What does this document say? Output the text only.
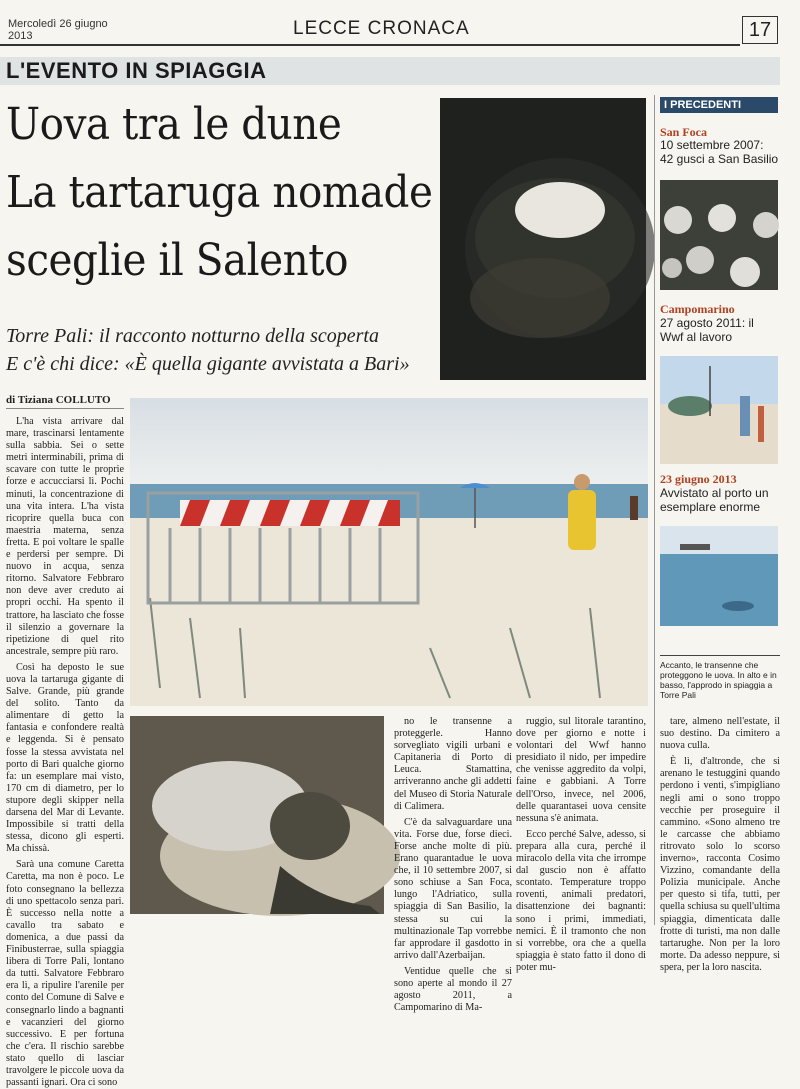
Mercoledì 26 giugno
2013	LECCE CRONACA	17
L'EVENTO IN SPIAGGIA
Uova tra le dune
La tartaruga nomade
sceglie il Salento
Torre Pali: il racconto notturno della scoperta
E c'è chi dice: «È quella gigante avvistata a Bari»
di Tiziana COLLUTO
L'ha vista arrivare dal mare, trascinarsi lentamente sulla sabbia. Sei o sette metri interminabili, prima di scavare con tutte le proprie forze e accucciarsi lì. Pochi minuti, la concentrazione di una vita intera. L'ha vista ricoprire quella buca con maestria materna, senza fretta. E poi voltare le spalle e perdersi per sempre. Di nuovo in acqua, senza ritorno. Salvatore Febbraro non deve aver creduto ai propri occhi. Ha spento il trattore, ha lasciato che fosse il silenzio a governare la ripetizione di quel rito ancestrale, sempre più raro.
Così ha deposto le sue uova la tartaruga gigante di Salve. Grande, più grande del solito. Tanto da alimentare di getto la fantasia e confondere realtà e leggenda. Si è pensato fosse la stessa avvistata nel porto di Bari qualche giorno fa: un esemplare mai visto, 170 cm di diametro, per lo stupore degli skipper nella darsena del Mar di Levante. Impossibile si tratti della stessa, dicono gli esperti. Ma chissà.
Sarà una comune Caretta Caretta, ma non è poco. Le foto consegnano la bellezza di uno spettacolo senza pari. È successo nella notte a cavallo tra sabato e domenica, a due passi da Finibusterrae, sulla spiaggia libera di Torre Pali, lontano da tutti. Salvatore Febbraro era lì, a ripulire l'arenile per conto del Comune di Salve e consegnarlo lindo a bagnanti e vacanzieri del giorno successivo. E per fortuna che c'era. Il rischio sarebbe stato quello di lasciar travolgere le piccole uova da passanti ignari. Ora ci sono
no le transenne a proteggerle. Hanno sorvegliato vigili urbani e Capitaneria di Porto di Leuca. Stamattina, arriveranno anche gli addetti del Museo di Storia Naturale di Calimera.
C'è da salvaguardare una vita. Forse due, forse dieci. Forse anche molte di più. Erano quarantadue le uova che, il 10 settembre 2007, si sono schiuse a San Foca, lungo l'Adriatico, sulla spiaggia di San Basilio, la stessa su cui la multinazionale Tap vorrebbe far approdare il gasdotto in arrivo dall'Azerbaijan.
Ventidue quelle che si sono aperte al mondo il 27 agosto 2011, a Campomarino di Ma-
ruggio, sul litorale tarantino, dove per giorno e notte i volontari del Wwf hanno presidiato il nido, per impedire che venisse aggredito da volpi, faine e gabbiani. A Torre dell'Orso, invece, nel 2006, delle quarantasei uova censite nessuna s'è animata.
Ecco perché Salve, adesso, si prepara alla cura, perché il miracolo della vita che irrompe dal guscio non è affatto scontato. Temperature troppo roventi, animali predatori, disattenzione dei bagnanti: sono i primi, immediati, nemici. È il tramonto che non si vorrebbe, ora che a quella spiaggia è stato fatto il dono di poter mu-
tare, almeno nell'estate, il suo destino. Da cimitero a nuova culla.
È lì, d'altronde, che si arenano le testuggini quando perdono i venti, s'impigliano negli ami o sono troppo vecchie per proseguire il cammino. «Sono almeno tre le carcasse che abbiamo ritrovato solo lo scorso inverno», racconta Cosimo Vizzino, comandante della Polizia municipale. Anche per questo si tifa, tutti, per quella schiusa su quell'ultima spiaggia, dimenticata dalle frotte di turisti, ma non dalle tartarughe. Non per la loro morte. Da adesso neppure, si spera, per la loro nascita.
I PRECEDENTI
San Foca
10 settembre 2007: 42 gusci a San Basilio
Campomarino
27 agosto 2011: il Wwf al lavoro
23 giugno 2013
Avvistato al porto un esemplare enorme
Accanto, le transenne che proteggono le uova. In alto e in basso, l'approdo in spiaggia a Torre Pali
